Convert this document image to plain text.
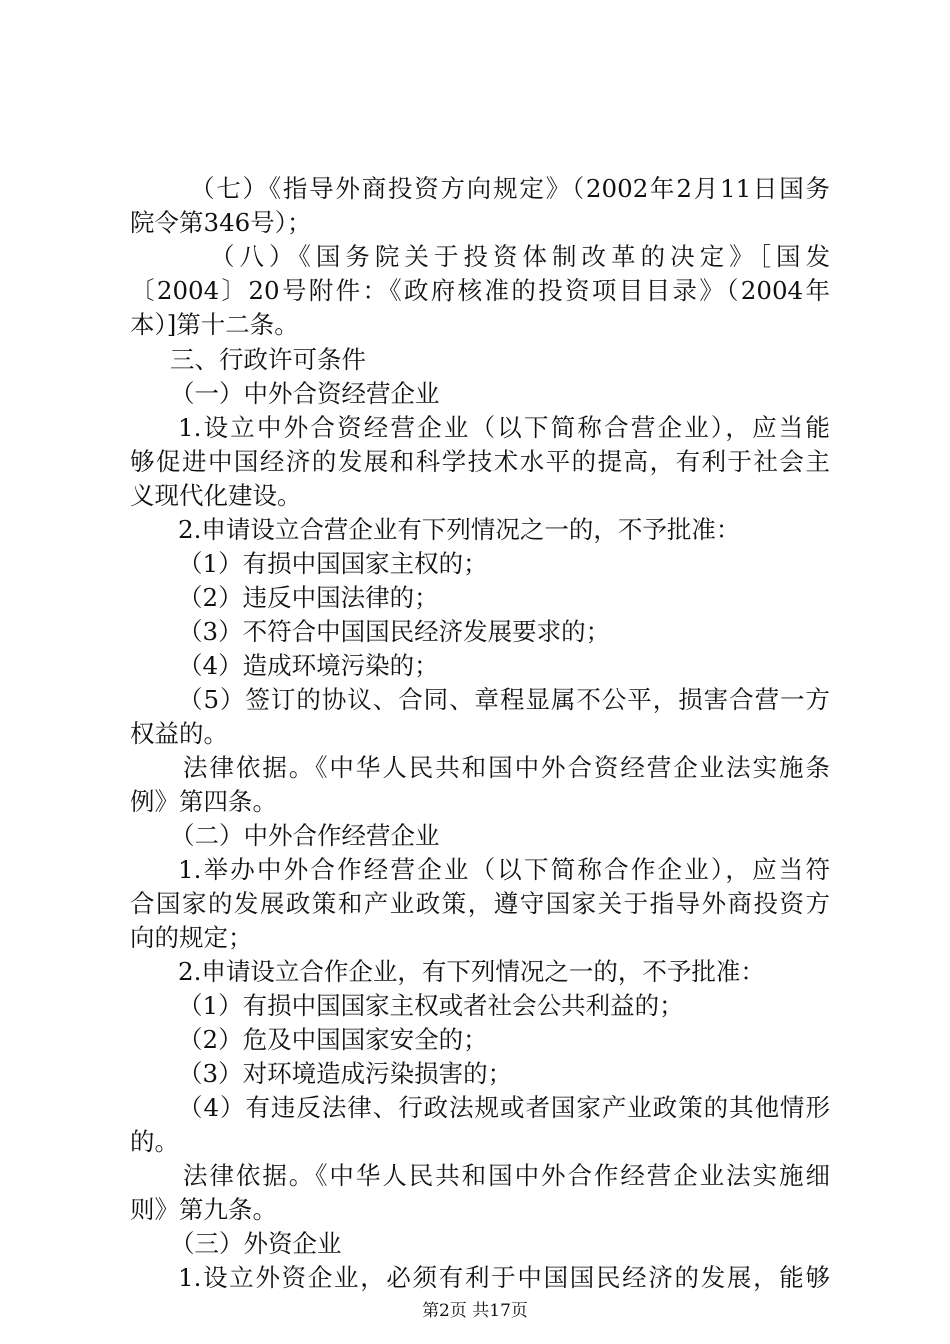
（七）《指导外商投资方向规定》（2002年2月11日国务
院令第346号）；
（八）《国务院关于投资体制改革的决定》［国发
〔2004〕20号附件：《政府核准的投资项目目录》（2004年
本）]第十二条。
三、行政许可条件
（一）中外合资经营企业
1.设立中外合资经营企业（以下简称合营企业），应当能
够促进中国经济的发展和科学技术水平的提高，有利于社会主
义现代化建设。
2.申请设立合营企业有下列情况之一的，不予批准：
（1）有损中国国家主权的；
（2）违反中国法律的；
（3）不符合中国国民经济发展要求的；
（4）造成环境污染的；
（5）签订的协议、合同、章程显属不公平，损害合营一方
权益的。
法律依据。《中华人民共和国中外合资经营企业法实施条
例》第四条。
（二）中外合作经营企业
1.举办中外合作经营企业（以下简称合作企业），应当符
合国家的发展政策和产业政策，遵守国家关于指导外商投资方
向的规定；
2.申请设立合作企业，有下列情况之一的，不予批准：
（1）有损中国国家主权或者社会公共利益的；
（2）危及中国国家安全的；
（3）对环境造成污染损害的；
（4）有违反法律、行政法规或者国家产业政策的其他情形
的。
法律依据。《中华人民共和国中外合作经营企业法实施细
则》第九条。
（三）外资企业
1.设立外资企业，必须有利于中国国民经济的发展，能够
第2页 共17页
